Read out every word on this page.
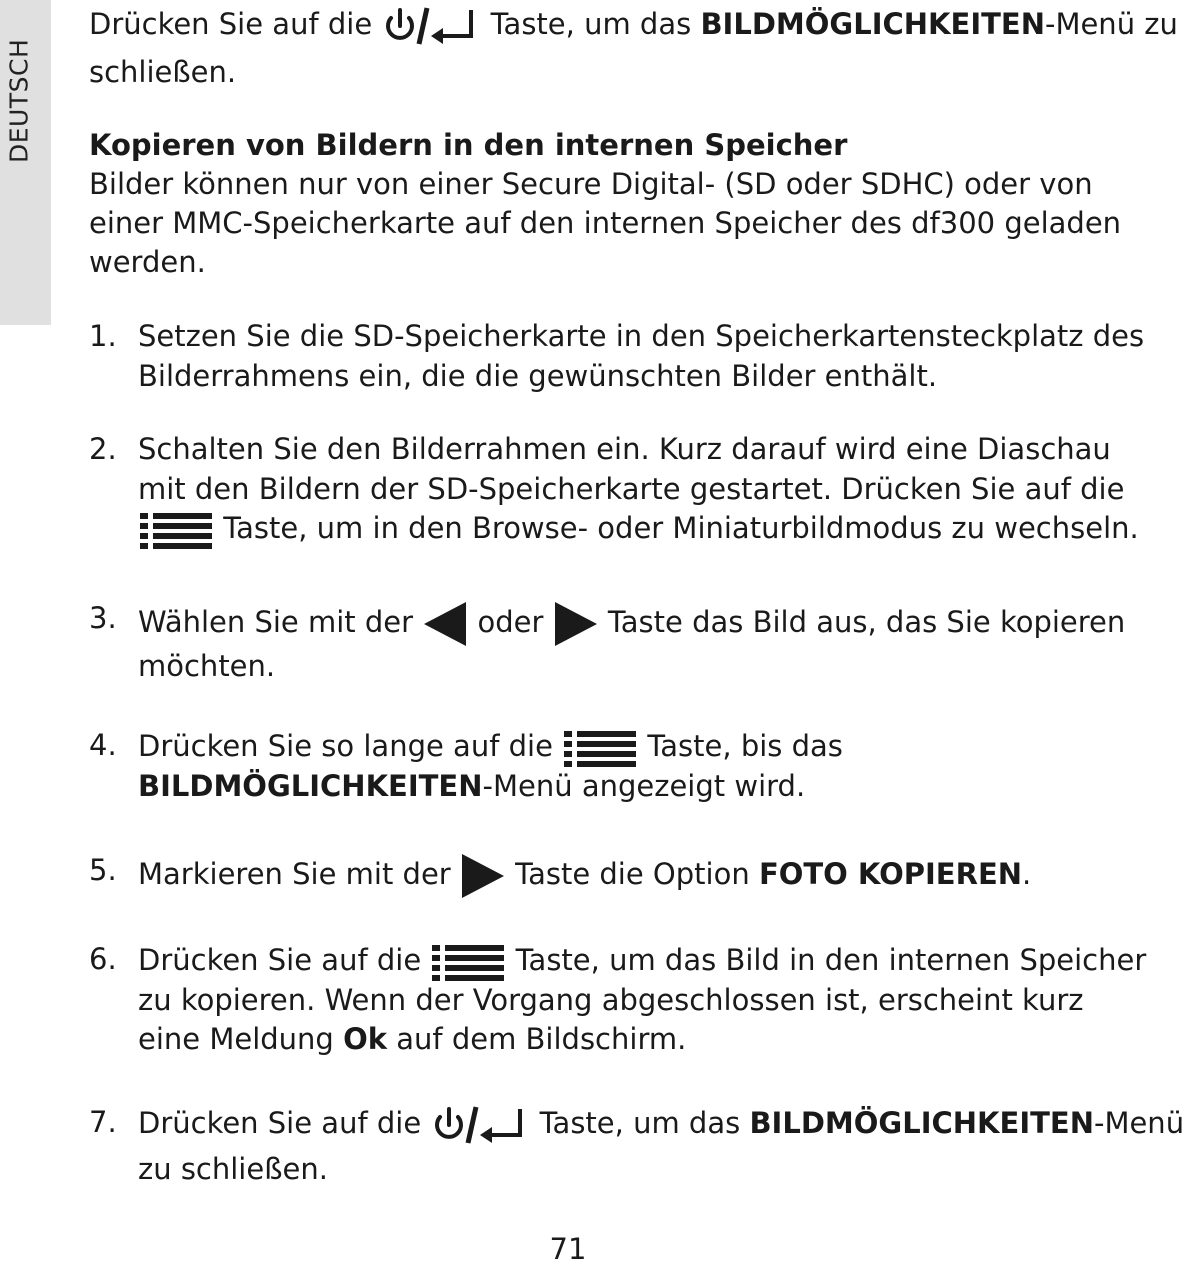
DEUTSCH

Drücken Sie auf die	Taste, um das BILDMÖGLICHKEITEN-Menü zu

schließen.

Kopieren von Bildern in den internen Speicher

Bilder können nur von einer Secure Digital- (SD oder SDHC) oder von

einer MMC-Speicherkarte auf den internen Speicher des df300 geladen

werden.

1. Setzen Sie die SD-Speicherkarte in den Speicherkartensteckplatz des
Bilderrahmens ein, die die gewünschten Bilder enthält.
2. Schalten Sie den Bilderrahmen ein. Kurz darauf wird eine Diaschau
mit den Bildern der SD-Speicherkarte gestartet. Drücken Sie auf die
Taste, um in den Browse- oder Miniaturbildmodus zu wechseln.
3. Wählen Sie mit der oder Taste das Bild aus, das Sie kopieren
möchten.
4. Drücken Sie so lange auf die	Taste, bis das
BILDMÖGLICHKEITEN-Menü angezeigt wird.
5. Markieren Sie mit der Taste die Option FOTO KOPIEREN.
6. Drücken Sie auf die	Taste, um das Bild in den internen Speicher
zu kopieren. Wenn der Vorgang abgeschlossen ist, erscheint kurz
eine Meldung Ok auf dem Bildschirm.
7. Drücken Sie auf die	Taste, um das BILDMÖGLICHKEITEN-Menü
zu schließen.
71
